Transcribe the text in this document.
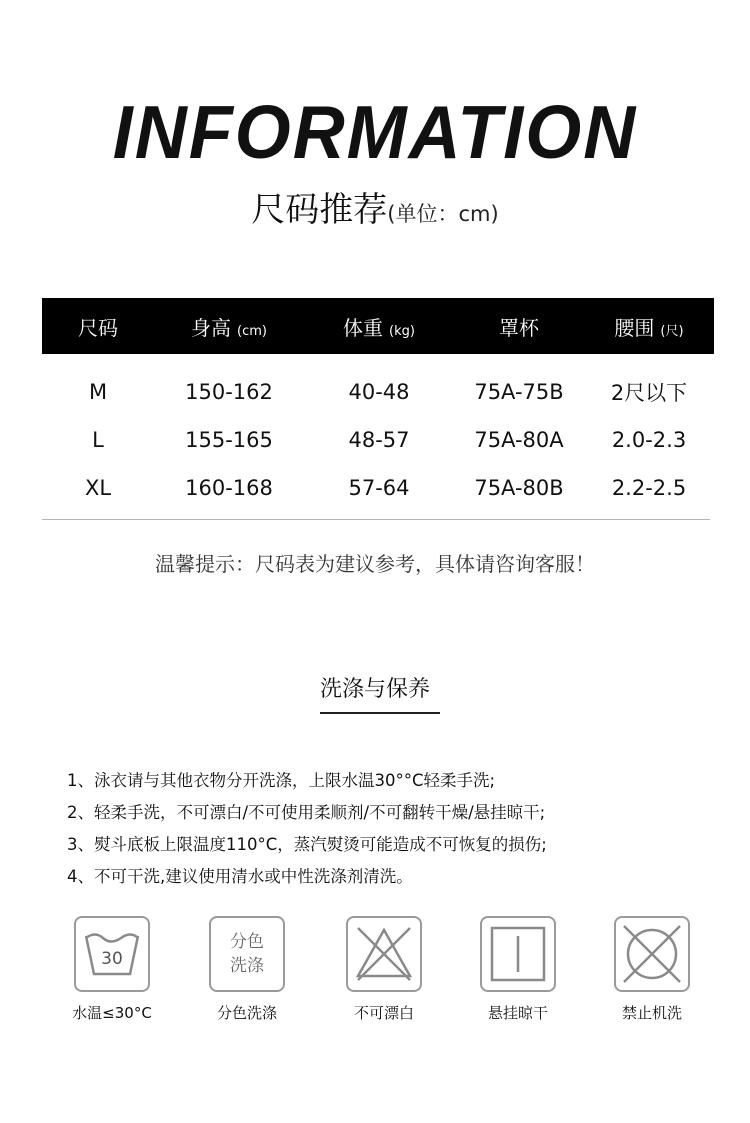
INFORMATION
尺码推荐(单位：cm)
尺码	身高 (cm)	体重 (kg)	罩杯	腰围 (尺)
M	150-162	40-48	75A-75B	2尺以下
L	155-165	48-57	75A-80A	2.0-2.3
XL	160-168	57-64	75A-80B	2.2-2.5
温馨提示：尺码表为建议参考，具体请咨询客服！
洗涤与保养
1、泳衣请与其他衣物分开洗涤，上限水温30°°C轻柔手洗;
2、轻柔手洗，不可漂白/不可使用柔顺剂/不可翻转干燥/悬挂晾干;
3、熨斗底板上限温度110°C，蒸汽熨烫可能造成不可恢复的损伤;
4、不可干洗,建议使用清水或中性洗涤剂清洗。
30
水温≤30°C
分色
洗涤
分色洗涤	不可漂白	悬挂晾干	禁止机洗
